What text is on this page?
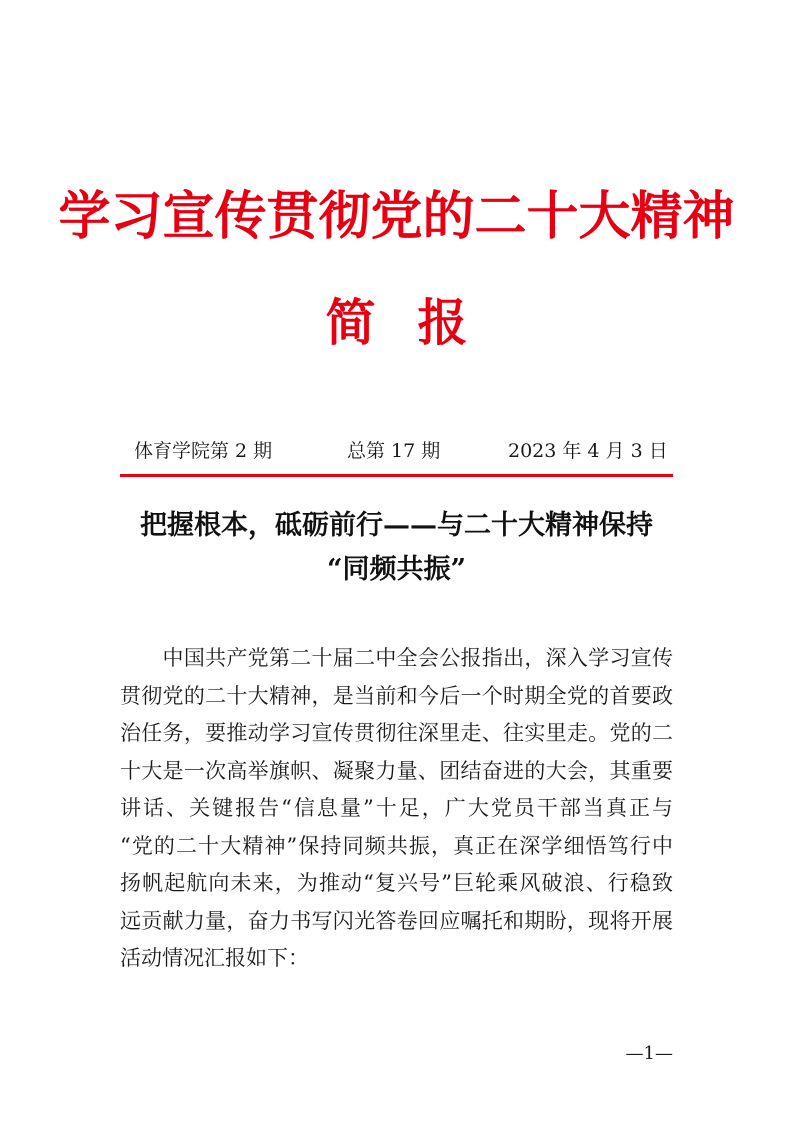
学习宣传贯彻党的二十大精神
简报
体育学院第 2 期	总第 17 期	2023 年 4 月 3 日
把握根本，砥砺前行——与二十大精神保持
“同频共振”
　　中国共产党第二十届二中全会公报指出，深入学习宣传
贯彻党的二十大精神，是当前和今后一个时期全党的首要政
治任务，要推动学习宣传贯彻往深里走、往实里走。党的二
十大是一次高举旗帜、凝聚力量、团结奋进的大会，其重要
讲话、关键报告“信息量”十足，广大党员干部当真正与
“党的二十大精神”保持同频共振，真正在深学细悟笃行中
扬帆起航向未来，为推动“复兴号”巨轮乘风破浪、行稳致
远贡献力量，奋力书写闪光答卷回应嘱托和期盼，现将开展
活动情况汇报如下：
—1—
